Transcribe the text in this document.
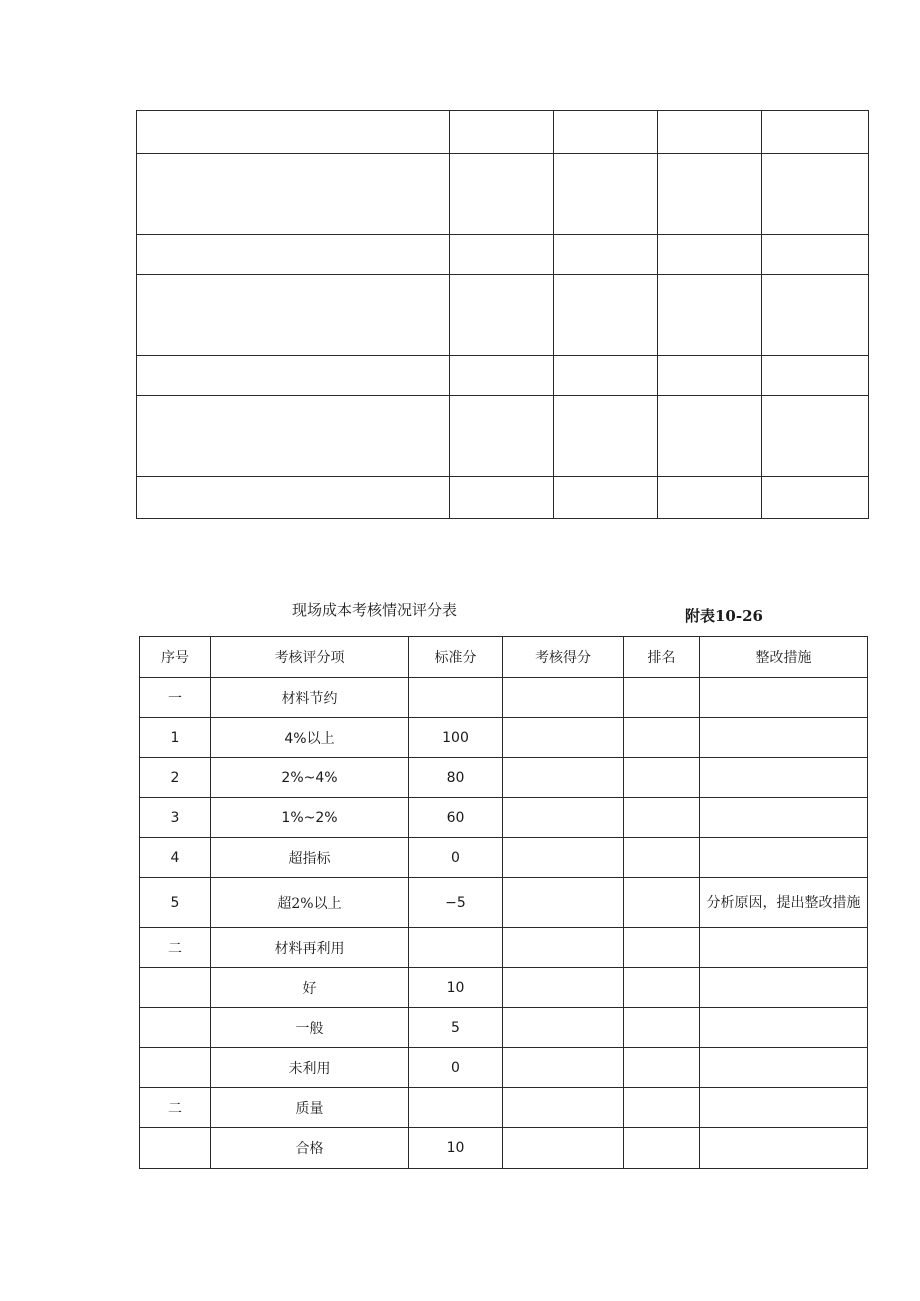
现场成本考核情况评分表	附表10-26
序号	考核评分项	标准分	考核得分	排名	整改措施
一	材料节约				
1	4%以上	100			
2	2%~4%	80			
3	1%~2%	60			
4	超指标	0			
5	超2%以上	−5			分析原因，提出整改措施
二	材料再利用				
	好	10			
	一般	5			
	未利用	0			
二	质量				
	合格	10			
